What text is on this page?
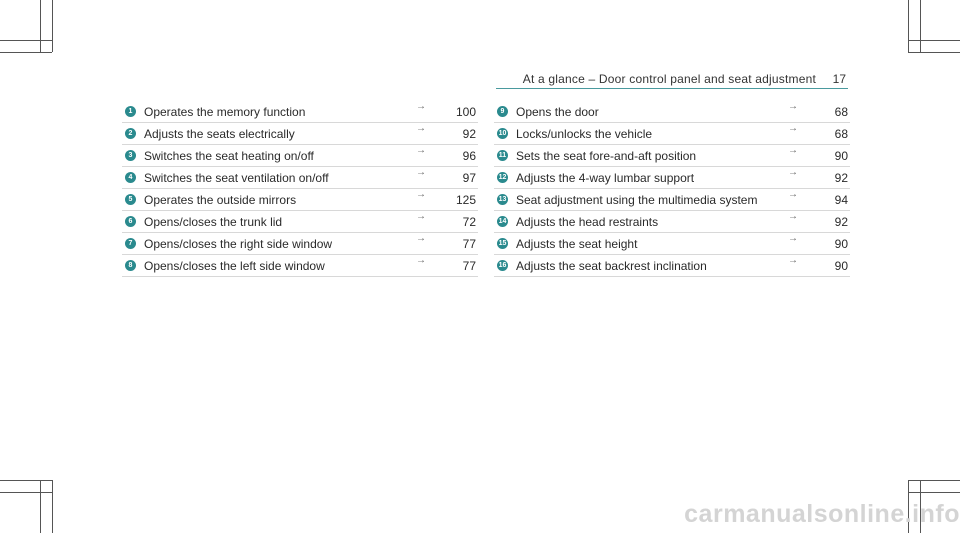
At a glance – Door control panel and seat adjustment 17
1 Operates the memory function	→ 100
2 Adjusts the seats electrically	→	92
3 Switches the seat heating on/off	→	96
4 Switches the seat ventilation on/off	→	97
5 Operates the outside mirrors	→ 125
6 Opens/closes the trunk lid	→	72
7 Opens/closes the right side window	→	77
8 Opens/closes the left side window	→	77
9 Opens the door	→	68
10 Locks/unlocks the vehicle	→	68
11 Sets the seat fore-and-aft position	→	90
12 Adjusts the 4-way lumbar support	→	92
13 Seat adjustment using the multimedia system	→	94
14 Adjusts the head restraints	→	92
15 Adjusts the seat height	→	90
16 Adjusts the seat backrest inclination	→	90
carmanualsonline.info
